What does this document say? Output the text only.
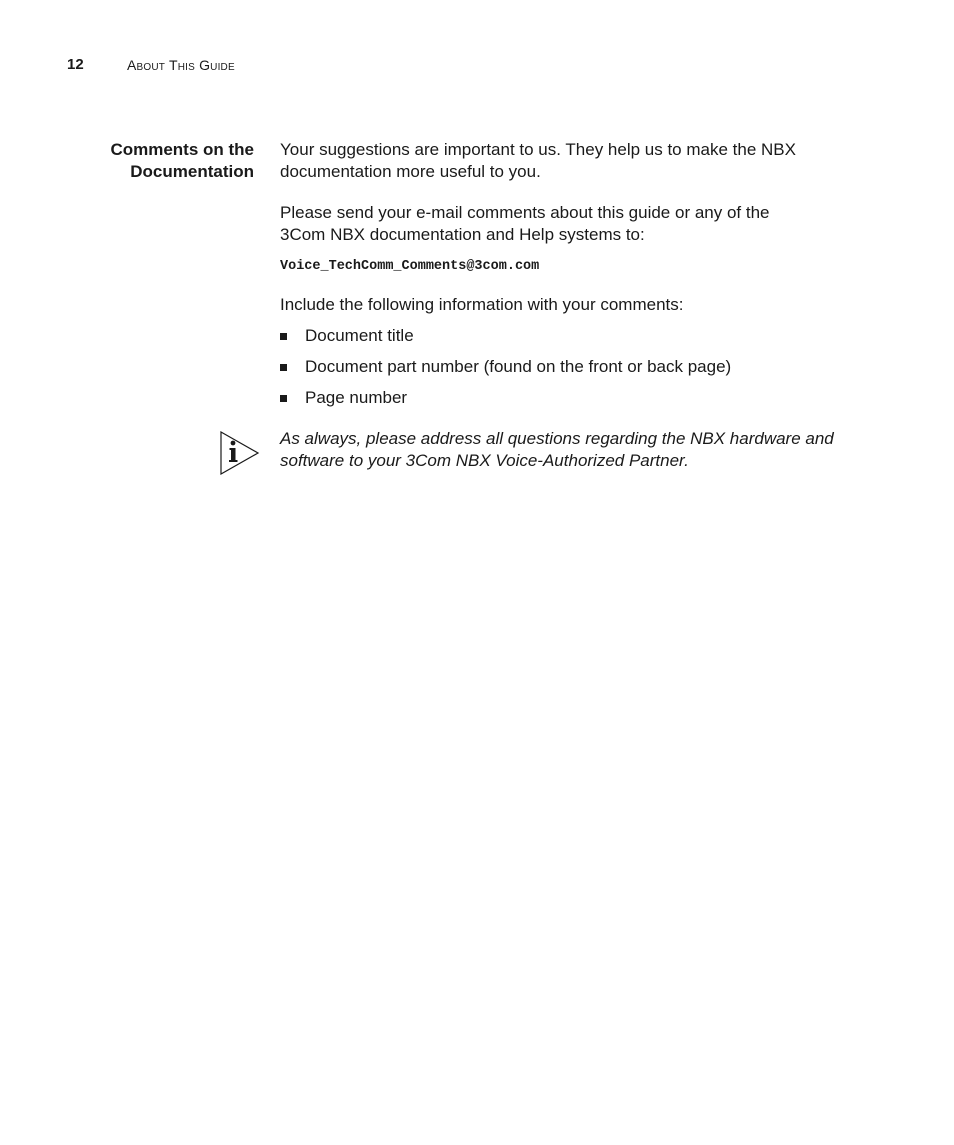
12	About This Guide
Comments on the
Documentation

Your suggestions are important to us. They help us to make the NBX
documentation more useful to you.

Please send your e-mail comments about this guide or any of the
3Com NBX documentation and Help systems to:

Voice_TechComm_Comments@3com.com

Include the following information with your comments:

Document title
Document part number (found on the front or back page)
Page number
As always, please address all questions regarding the NBX hardware and
software to your 3Com NBX Voice-Authorized Partner.
